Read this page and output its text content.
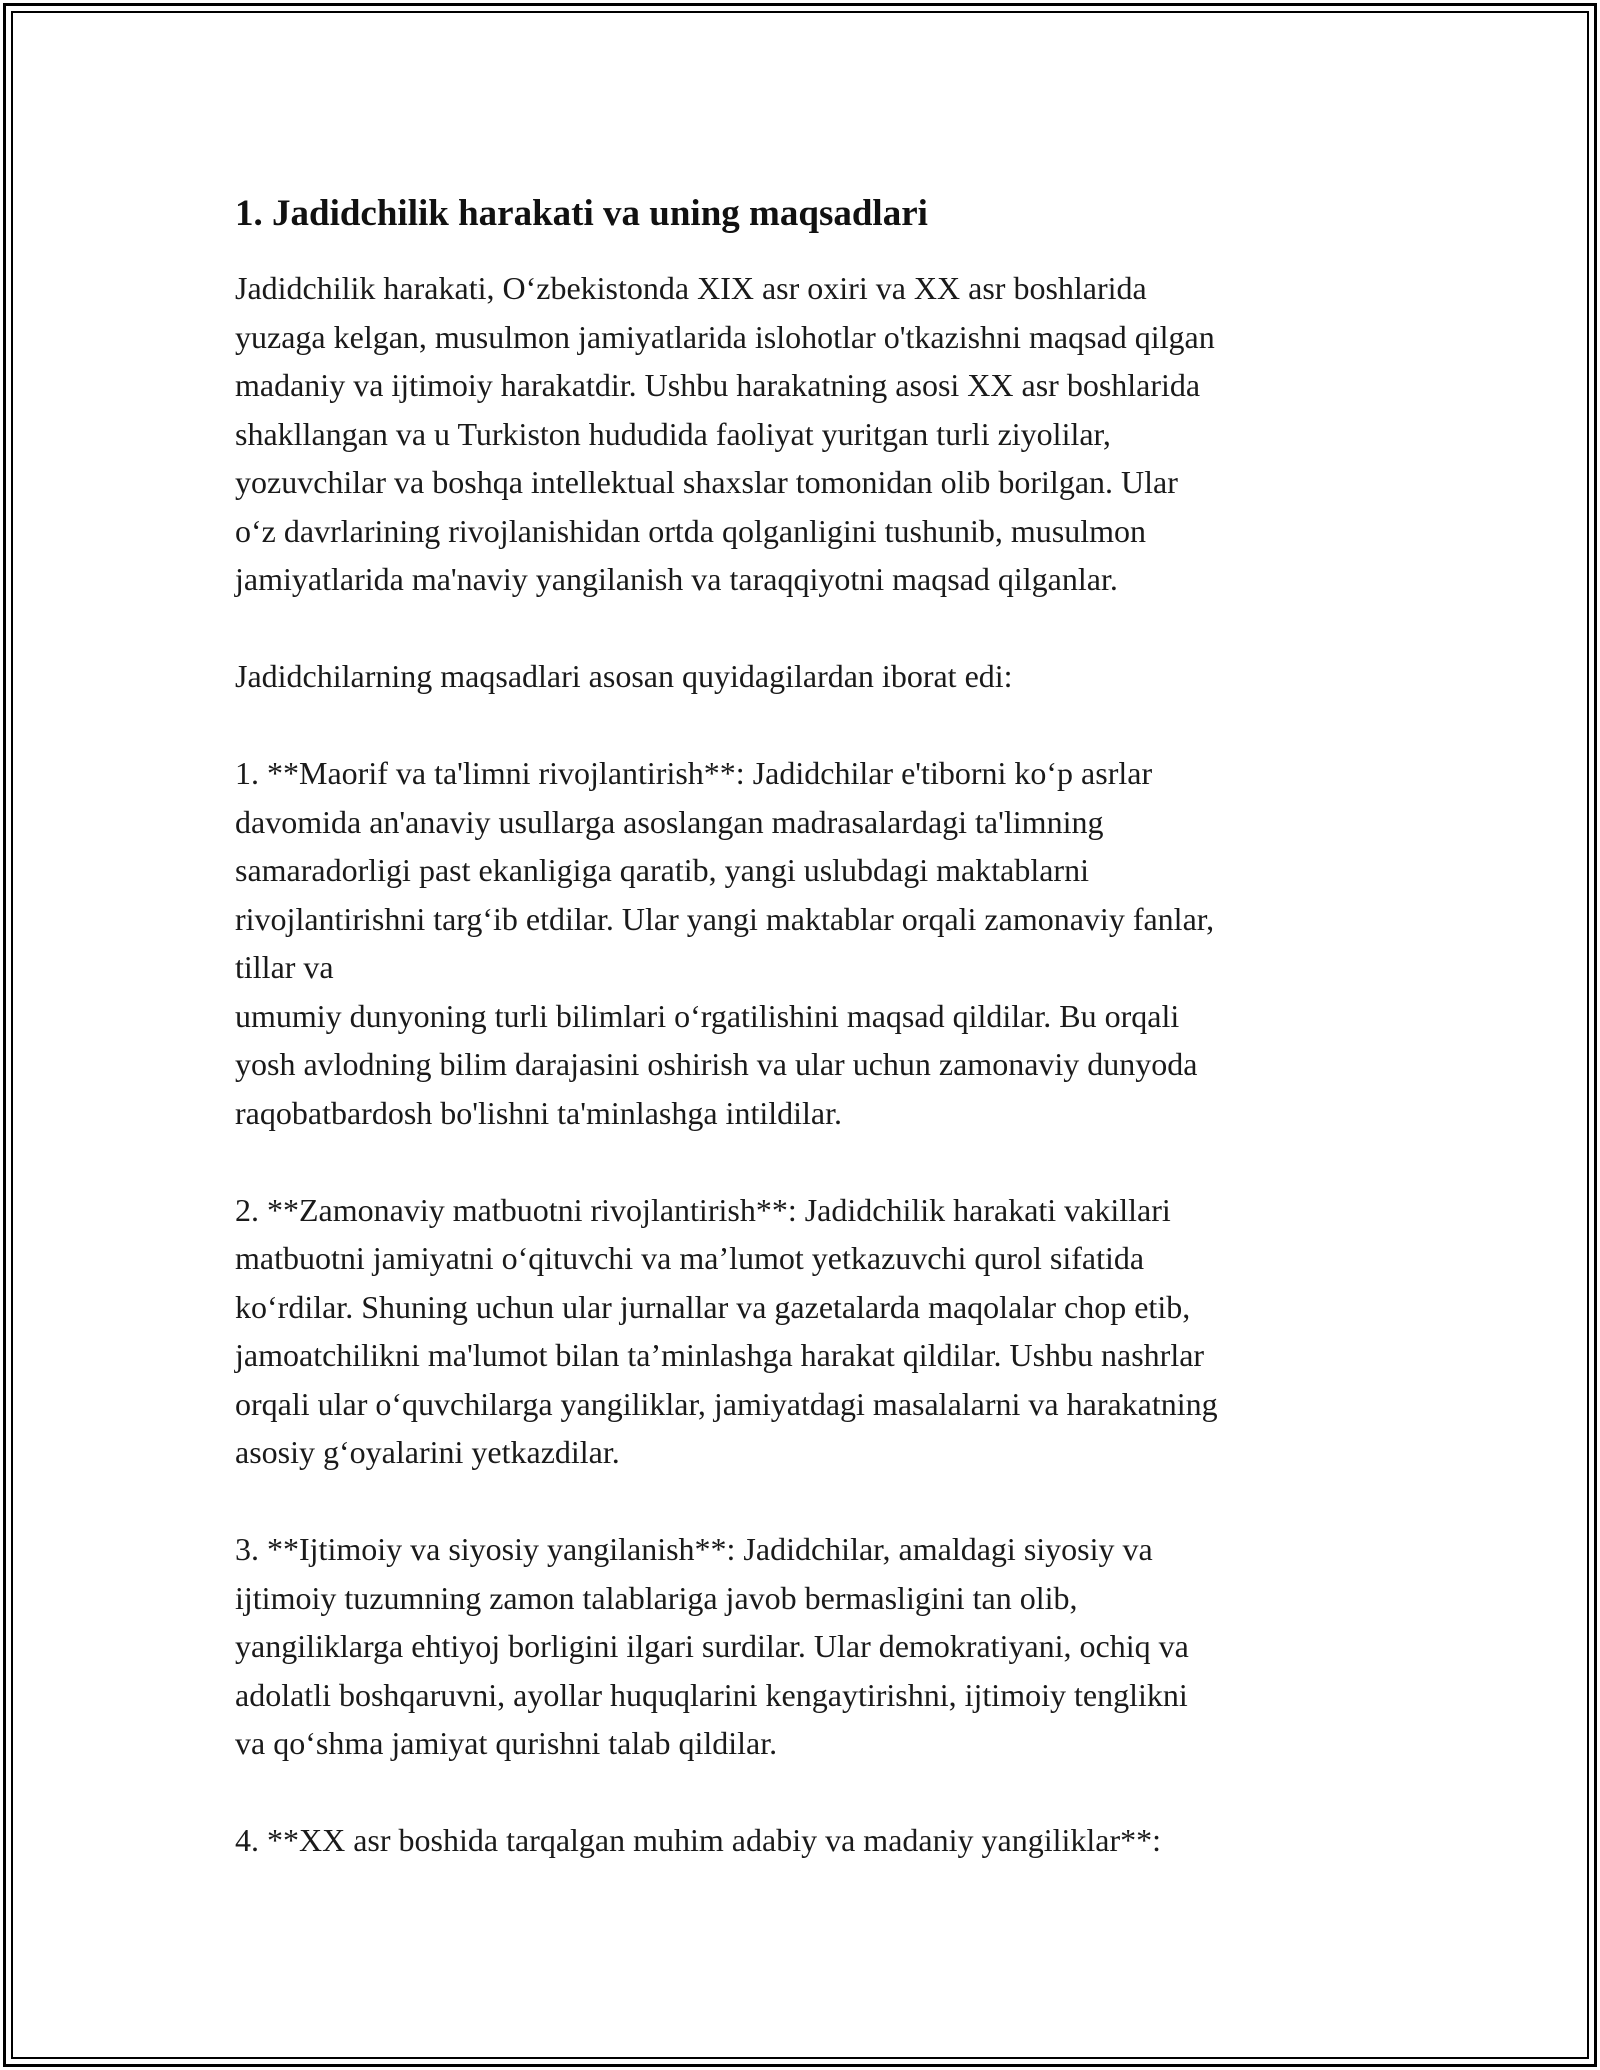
1. Jadidchilik harakati va uning maqsadlari

Jadidchilik harakati, O‘zbekistonda XIX asr oxiri va XX asr boshlarida
yuzaga kelgan, musulmon jamiyatlarida islohotlar o'tkazishni maqsad qilgan
madaniy va ijtimoiy harakatdir. Ushbu harakatning asosi XX asr boshlarida
shakllangan va u Turkiston hududida faoliyat yuritgan turli ziyolilar,
yozuvchilar va boshqa intellektual shaxslar tomonidan olib borilgan. Ular
o‘z davrlarining rivojlanishidan ortda qolganligini tushunib, musulmon
jamiyatlarida ma'naviy yangilanish va taraqqiyotni maqsad qilganlar.

Jadidchilarning maqsadlari asosan quyidagilardan iborat edi:

1. **Maorif va ta'limni rivojlantirish**: Jadidchilar e'tiborni ko‘p asrlar
davomida an'anaviy usullarga asoslangan madrasalardagi ta'limning
samaradorligi past ekanligiga qaratib, yangi uslubdagi maktablarni
rivojlantirishni targ‘ib etdilar. Ular yangi maktablar orqali zamonaviy fanlar,
tillar va
umumiy dunyoning turli bilimlari o‘rgatilishini maqsad qildilar. Bu orqali
yosh avlodning bilim darajasini oshirish va ular uchun zamonaviy dunyoda
raqobatbardosh bo'lishni ta'minlashga intildilar.

2. **Zamonaviy matbuotni rivojlantirish**: Jadidchilik harakati vakillari
matbuotni jamiyatni o‘qituvchi va ma’lumot yetkazuvchi qurol sifatida
ko‘rdilar. Shuning uchun ular jurnallar va gazetalarda maqolalar chop etib,
jamoatchilikni ma'lumot bilan ta’minlashga harakat qildilar. Ushbu nashrlar
orqali ular o‘quvchilarga yangiliklar, jamiyatdagi masalalarni va harakatning
asosiy g‘oyalarini yetkazdilar.

3. **Ijtimoiy va siyosiy yangilanish**: Jadidchilar, amaldagi siyosiy va
ijtimoiy tuzumning zamon talablariga javob bermasligini tan olib,
yangiliklarga ehtiyoj borligini ilgari surdilar. Ular demokratiyani, ochiq va
adolatli boshqaruvni, ayollar huquqlarini kengaytirishni, ijtimoiy tenglikni
va qo‘shma jamiyat qurishni talab qildilar.

4. **XX asr boshida tarqalgan muhim adabiy va madaniy yangiliklar**:
